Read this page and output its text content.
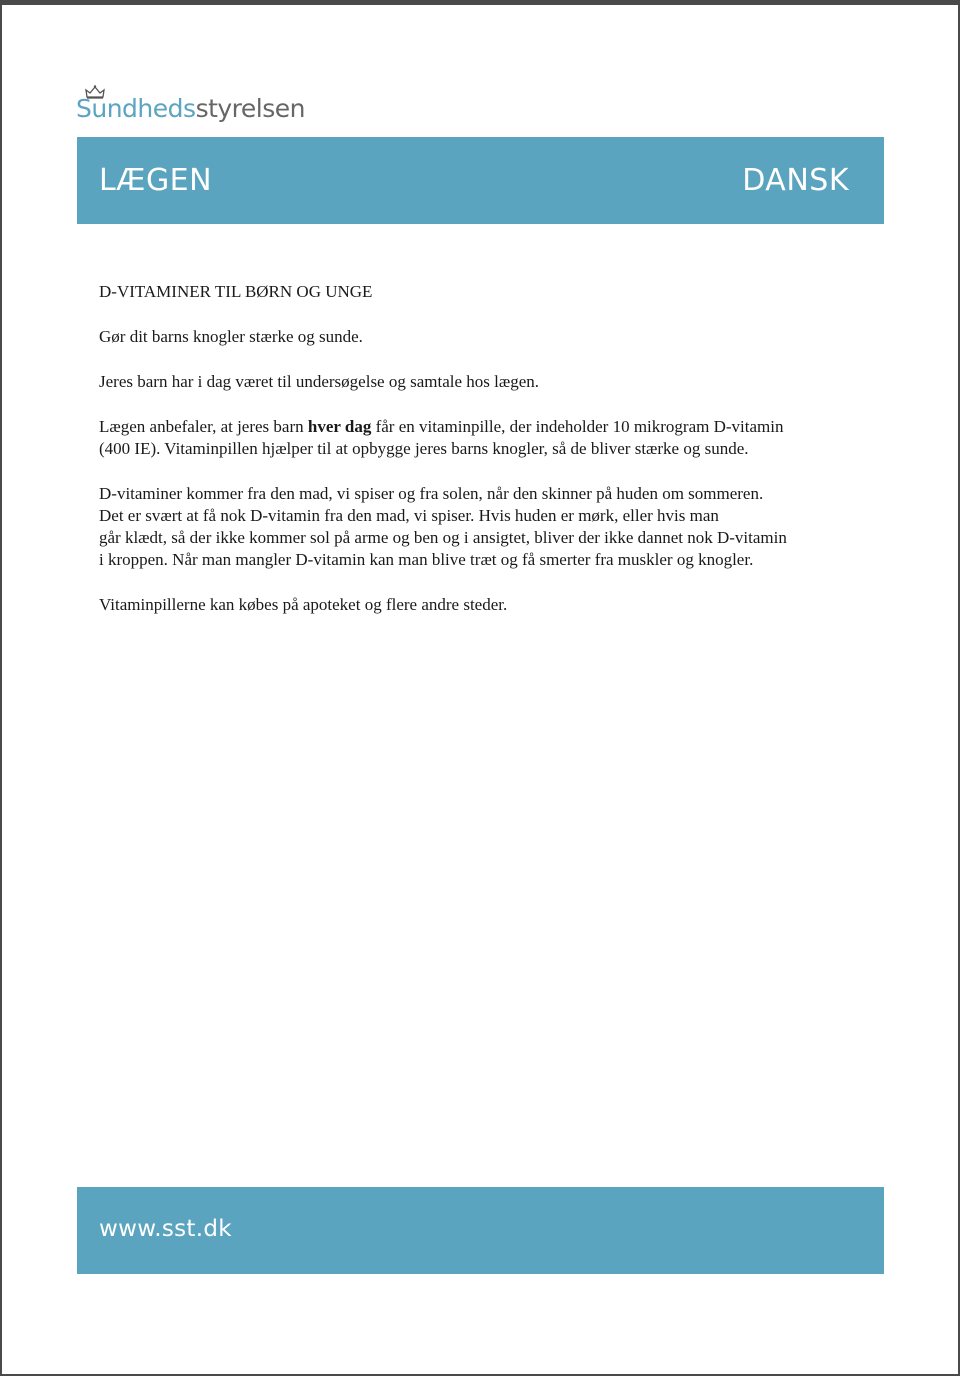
Sundhedsstyrelsen
LÆGEN	DANSK

D-VITAMINER TIL BØRN OG UNGE

Gør dit barns knogler stærke og sunde.

Jeres barn har i dag været til undersøgelse og samtale hos lægen.

Lægen anbefaler, at jeres barn hver dag får en vitaminpille, der indeholder 10 mikrogram D-vitamin
(400 IE). Vitaminpillen hjælper til at opbygge jeres barns knogler, så de bliver stærke og sunde.

D-vitaminer kommer fra den mad, vi spiser og fra solen, når den skinner på huden om sommeren.
Det er svært at få nok D-vitamin fra den mad, vi spiser. Hvis huden er mørk, eller hvis man
går klædt, så der ikke kommer sol på arme og ben og i ansigtet, bliver der ikke dannet nok D-vitamin
i kroppen. Når man mangler D-vitamin kan man blive træt og få smerter fra muskler og knogler.

Vitaminpillerne kan købes på apoteket og flere andre steder.

www.sst.dk
